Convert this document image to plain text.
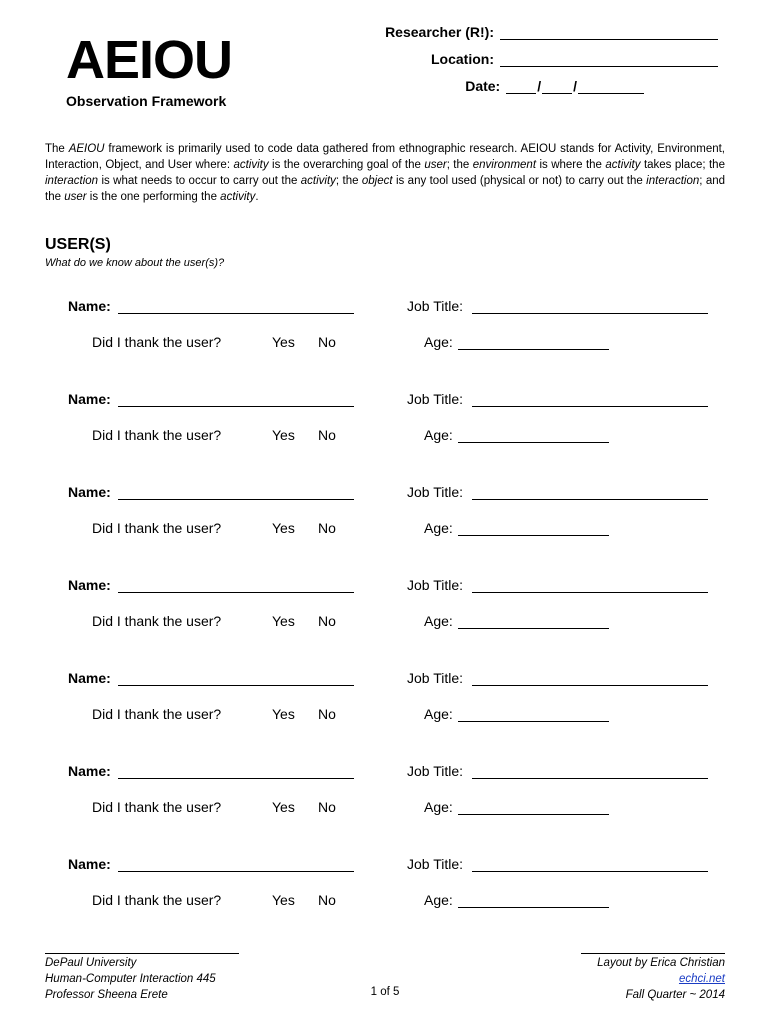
AEIOU
Observation Framework
Researcher (R!):
Location:
Date:	/ /
The AEIOU framework is primarily used to code data gathered from ethnographic research. AEIOU stands for Activity, Environment, Interaction, Object, and User where: activity is the overarching goal of the user; the environment is where the activity takes place; the interaction is what needs to occur to carry out the activity; the object is any tool used (physical or not) to carry out the interaction; and the user is the one performing the activity.
USER(S)
What do we know about the user(s)?
Name:	Job Title:
Did I thank the user?	Yes No	Age:
Name:	Job Title:
Did I thank the user?	Yes No	Age:
Name:	Job Title:
Did I thank the user?	Yes No	Age:
Name:	Job Title:
Did I thank the user?	Yes No	Age:
Name:	Job Title:
Did I thank the user?	Yes No	Age:
Name:	Job Title:
Did I thank the user?	Yes No	Age:
Name:	Job Title:
Did I thank the user?	Yes No	Age:
DePaul University
Human-Computer Interaction 445
Professor Sheena Erete	1 of 5
Layout by Erica Christian
echci.net
Fall Quarter ~ 2014
